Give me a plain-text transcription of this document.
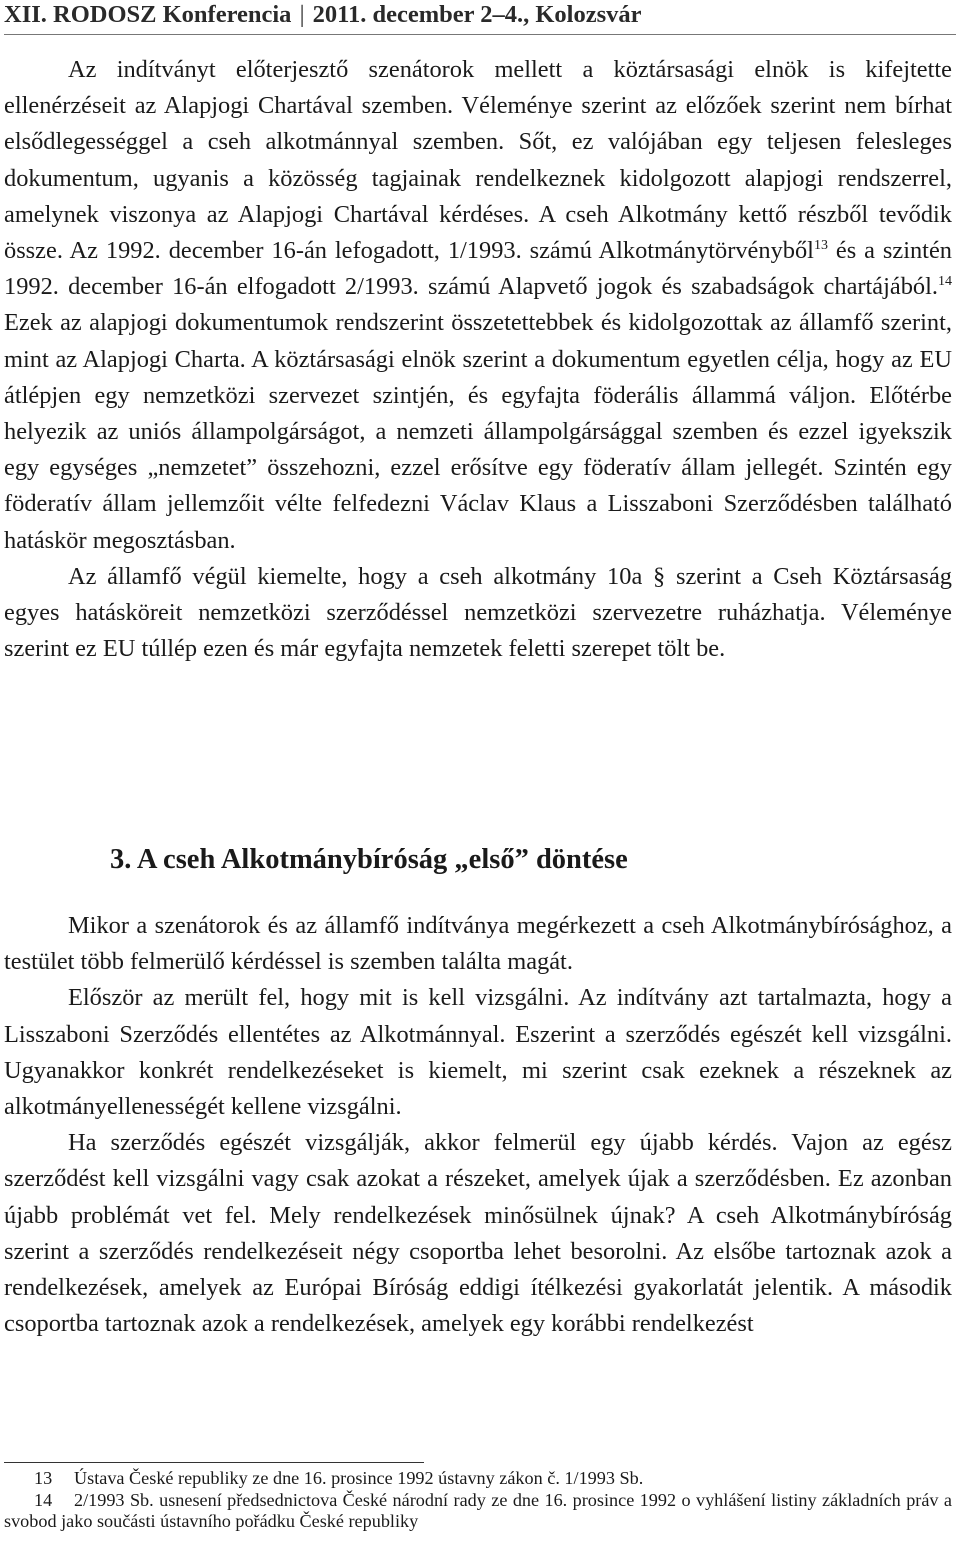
XII. RODOSZ Konferencia | 2011. december 2–4., Kolozsvár

Az indítványt előterjesztő szenátorok mellett a köztársasági elnök is kifejtette ellenérzéseit az Alapjogi Chartával szemben. Véleménye szerint az előzőek szerint nem bírhat elsődlegességgel a cseh alkotmánnyal szemben. Sőt, ez valójában egy teljesen felesleges dokumentum, ugyanis a közösség tagjainak rendelkeznek kidolgozott alapjogi rendszerrel, amelynek viszonya az Alapjogi Chartával kérdéses. A cseh Alkotmány kettő részből tevődik össze. Az 1992. december 16-án lefogadott, 1/1993. számú Alkotmánytörvényből$^{13}$ és a szintén 1992. december 16-án elfogadott 2/1993. számú Alapvető jogok és szabadságok chartájából.$^{14}$ Ezek az alapjogi dokumentumok rendszerint összetettebbek és kidolgozottak az államfő szerint, mint az Alapjogi Charta. A köztársasági elnök szerint a dokumentum egyetlen célja, hogy az EU átlépjen egy nemzetközi szervezet szintjén, és egyfajta föderális állammá váljon. Előtérbe helyezik az uniós állampolgárságot, a nemzeti állampolgársággal szemben és ezzel igyekszik egy egységes „nemzetet” összehozni, ezzel erősítve egy föderatív állam jellegét. Szintén egy föderatív állam jellemzőit vélte felfedezni Václav Klaus a Lisszaboni Szerződésben található hatáskör megosztásban.

Az államfő végül kiemelte, hogy a cseh alkotmány 10a § szerint a Cseh Köztársaság egyes hatásköreit nemzetközi szerződéssel nemzetközi szervezetre ruházhatja. Véleménye szerint ez EU túllép ezen és már egyfajta nemzetek feletti szerepet tölt be.

3. A cseh Alkotmánybíróság „első” döntése

Mikor a szenátorok és az államfő indítványa megérkezett a cseh Alkotmánybírósághoz, a testület több felmerülő kérdéssel is szemben találta magát.

Először az merült fel, hogy mit is kell vizsgálni. Az indítvány azt tartalmazta, hogy a Lisszaboni Szerződés ellentétes az Alkotmánnyal. Eszerint a szerződés egészét kell vizsgálni. Ugyanakkor konkrét rendelkezéseket is kiemelt, mi szerint csak ezeknek a részeknek az alkotmányellenességét kellene vizsgálni.

Ha szerződés egészét vizsgálják, akkor felmerül egy újabb kérdés. Vajon az egész szerződést kell vizsgálni vagy csak azokat a részeket, amelyek újak a szerződésben. Ez azonban újabb problémát vet fel. Mely rendelkezések minősülnek újnak? A cseh Alkotmánybíróság szerint a szerződés rendelkezéseit négy csoportba lehet besorolni. Az elsőbe tartoznak azok a rendelkezések, amelyek az Európai Bíróság eddigi ítélkezési gyakorlatát jelentik. A második csoportba tartoznak azok a rendelkezések, amelyek egy korábbi rendelkezést

13 Ústava České republiky ze dne 16. prosince 1992 ústavny zákon č. 1/1993 Sb.

14 2/1993 Sb. usnesení předsednictova České národní rady ze dne 16. prosince 1992 o vyhlášení listiny základních práv a svobod jako součásti ústavního pořádku České republiky
